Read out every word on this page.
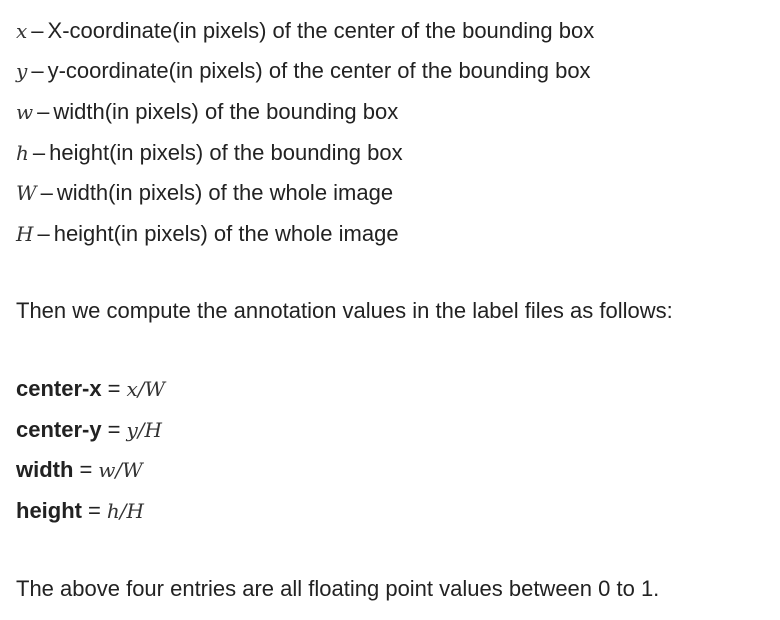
x – X-coordinate(in pixels) of the center of the bounding box
y – y-coordinate(in pixels) of the center of the bounding box
w – width(in pixels) of the bounding box
h – height(in pixels) of the bounding box
W – width(in pixels) of the whole image
H – height(in pixels) of the whole image
Then we compute the annotation values in the label files as follows:
center-x = x/W
center-y = y/H
width = w/W
height = h/H
The above four entries are all floating point values between 0 to 1.
